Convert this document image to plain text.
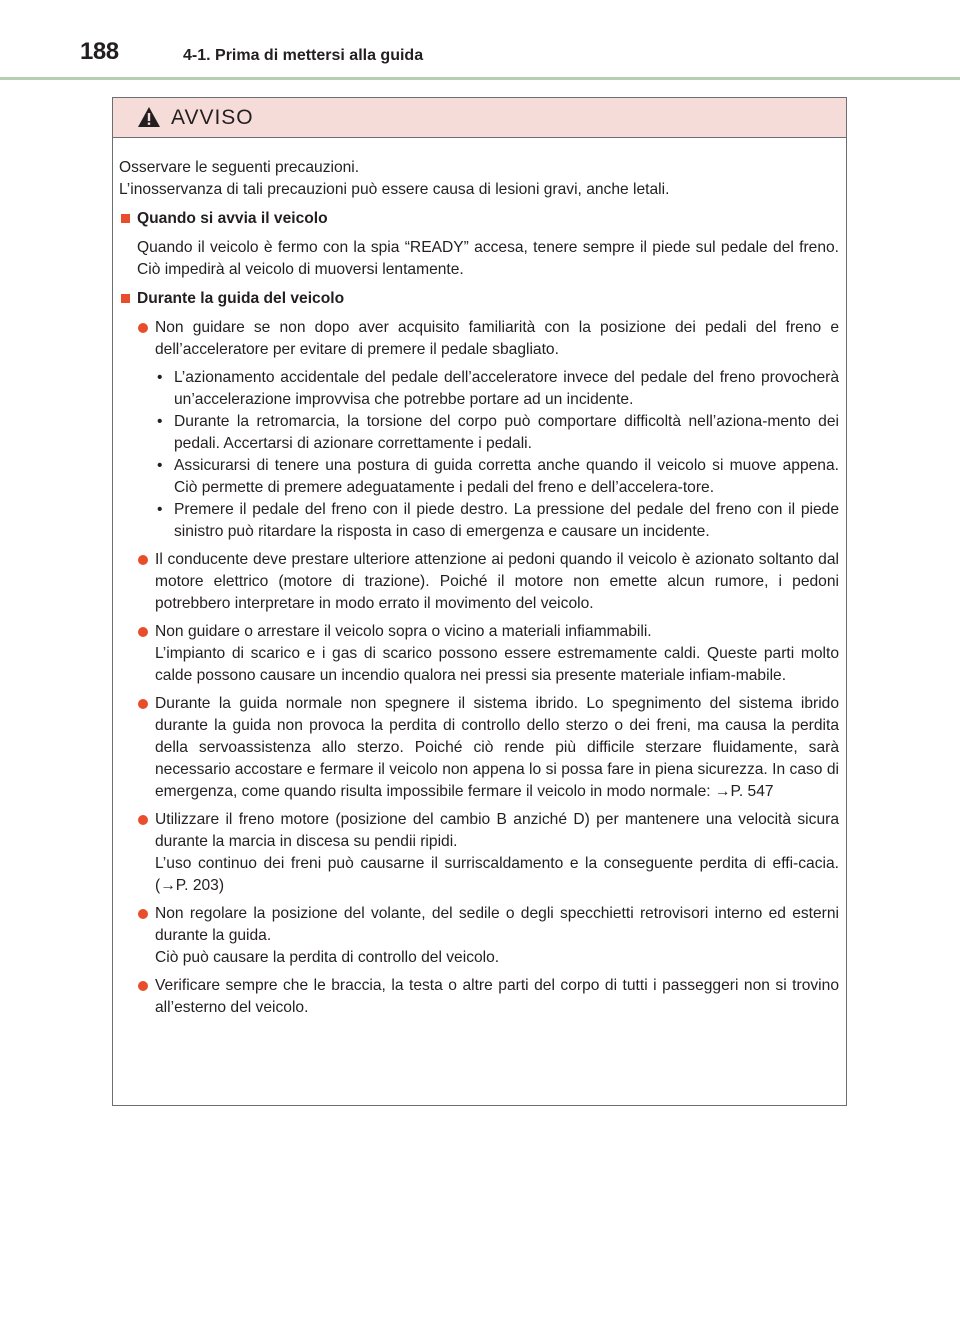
188	4-1. Prima di mettersi alla guida
AVVISO

Osservare le seguenti precauzioni.

L’inosservanza di tali precauzioni può essere causa di lesioni gravi, anche letali.

Quando si avvia il veicolo

Quando il veicolo è fermo con la spia “READY” accesa, tenere sempre il piede sul pedale del freno. Ciò impedirà al veicolo di muoversi lentamente.

Durante la guida del veicolo

Non guidare se non dopo aver acquisito familiarità con la posizione dei pedali del freno e dell’acceleratore per evitare di premere il pedale sbagliato.

• L’azionamento accidentale del pedale dell’acceleratore invece del pedale del freno provocherà un’accelerazione improvvisa che potrebbe portare ad un incidente.
• Durante la retromarcia, la torsione del corpo può comportare difficoltà nell’aziona-mento dei pedali. Accertarsi di azionare correttamente i pedali.
• Assicurarsi di tenere una postura di guida corretta anche quando il veicolo si muove appena. Ciò permette di premere adeguatamente i pedali del freno e dell’accelera-tore.
• Premere il pedale del freno con il piede destro. La pressione del pedale del freno con il piede sinistro può ritardare la risposta in caso di emergenza e causare un incidente.

Il conducente deve prestare ulteriore attenzione ai pedoni quando il veicolo è azionato soltanto dal motore elettrico (motore di trazione). Poiché il motore non emette alcun rumore, i pedoni potrebbero interpretare in modo errato il movimento del veicolo.

Non guidare o arrestare il veicolo sopra o vicino a materiali infiammabili.

L’impianto di scarico e i gas di scarico possono essere estremamente caldi. Queste parti molto calde possono causare un incendio qualora nei pressi sia presente materiale infiam-mabile.

Durante la guida normale non spegnere il sistema ibrido. Lo spegnimento del sistema ibrido durante la guida non provoca la perdita di controllo dello sterzo o dei freni, ma causa la perdita della servoassistenza allo sterzo. Poiché ciò rende più difficile sterzare fluidamente, sarà necessario accostare e fermare il veicolo non appena lo si possa fare in piena sicurezza. In caso di emergenza, come quando risulta impossibile fermare il veicolo in modo normale: →P. 547

Utilizzare il freno motore (posizione del cambio B anziché D) per mantenere una velocità sicura durante la marcia in discesa su pendii ripidi.

L’uso continuo dei freni può causarne il surriscaldamento e la conseguente perdita di effi-cacia. (→P. 203)

Non regolare la posizione del volante, del sedile o degli specchietti retrovisori interno ed esterni durante la guida.

Ciò può causare la perdita di controllo del veicolo.

Verificare sempre che le braccia, la testa o altre parti del corpo di tutti i passeggeri non si trovino all’esterno del veicolo.
